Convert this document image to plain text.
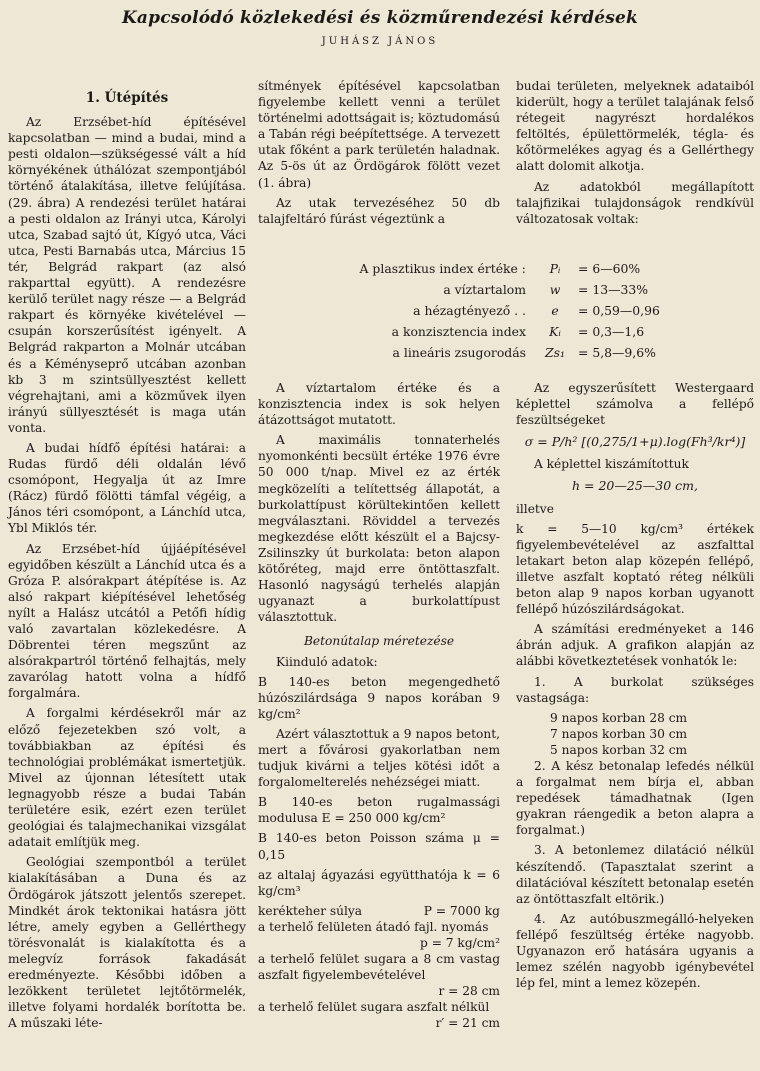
Kapcsolódó közlekedési és közműrendezési kérdések
JUHÁSZ JÁNOS
1. Útépítés

Az Erzsébet-híd építésével kapcsolatban — mind a budai, mind a pesti oldalon—szükségessé vált a híd környékének úthálózat szempontjából történő átalakítása, illetve felújítása. (29. ábra) A rendezési terület határai a pesti oldalon az Irányi utca, Károlyi utca, Szabad sajtó út, Kígyó utca, Váci utca, Pesti Barnabás utca, Március 15 tér, Belgrád rakpart (az alsó rakparttal együtt). A rendezésre kerülő terület nagy része — a Belgrád rakpart és környéke kivételével — csupán korszerűsítést igényelt. A Belgrád rakparton a Molnár utcában és a Kéményseprő utcában azonban kb 3 m szintsüllyesztést kellett végrehajtani, ami a közművek ilyen irányú süllyesztését is maga után vonta.

A budai hídfő építési határai: a Rudas fürdő déli oldalán lévő csomópont, Hegyalja út az Imre (Rácz) fürdő fölötti támfal végéig, a János téri csomópont, a Lánchíd utca, Ybl Miklós tér.

Az Erzsébet-híd újjáépítésével egyidőben készült a Lánchíd utca és a Gróza P. alsórakpart átépítése is. Az alsó rakpart kiépítésével lehetőség nyílt a Halász utcától a Petőfi hídig való zavartalan közlekedésre. A Döbrentei téren megszűnt az alsórakpartról történő felhajtás, mely zavarólag hatott volna a hídfő forgalmára.

A forgalmi kérdésekről már az előző fejezetekben szó volt, a továbbiakban az építési és technológiai problémákat ismertetjük. Mivel az újonnan létesített utak legnagyobb része a budai Tabán területére esik, ezért ezen terület geológiai és talajmechanikai vizsgálat adatait említjük meg.

Geológiai szempontból a terület kialakításában a Duna és az Ördögárok játszott jelentős szerepet. Mindkét árok tektonikai hatásra jött létre, amely egyben a Gellérthegy törésvonalát is kialakította és a melegvíz források fakadását eredményezte. Későbbi időben a lezökkent területet lejtőtörmelék, illetve folyami hordalék borította be. A műszaki léte-

sítmények építésével kapcsolatban figyelembe kellett venni a terület történelmi adottságait is; köztudomású a Tabán régi beépítettsége. A tervezett utak főként a park területén haladnak. Az 5-ös út az Ördögárok fölött vezet (1. ábra)

Az utak tervezéséhez 50 db talajfeltáró fúrást végeztünk a

budai területen, melyeknek adataiból kiderült, hogy a terület talajának felső rétegeit nagyrészt hordalékos feltöltés, épülettörmelék, tégla- és kőtörmelékes agyag és a Gellérthegy alatt dolomit alkotja.

Az adatokból megállapított talajfizikai tulajdonságok rendkívül változatosak voltak:

A plasztikus index értéke :	Pᵢ	= 6—60%
a víztartalom	w	= 13—33%
a hézagtényező . .	e	= 0,59—0,96
a konzisztencia index	Kᵢ	= 0,3—1,6
a lineáris zsugorodás	Zs₁	= 5,8—9,6%

A víztartalom értéke és a konzisztencia index is sok helyen átázottságot mutatott.

A maximális tonnaterhelés nyomonkénti becsült értéke 1976 évre 50 000 t/nap. Mivel ez az érték megközelíti a telítettség állapotát, a burkolattípust körültekintően kellett megválasztani. Röviddel a tervezés megkezdése előtt készült el a Bajcsy-Zsilinszky út burkolata: beton alapon kötőréteg, majd erre öntöttaszfalt. Hasonló nagyságú terhelés alapján ugyanazt a burkolattípust választottuk.

Betonútalap méretezése

Kiinduló adatok:

B 140-es beton megengedhető húzószilárdsága 9 napos korában 9 kg/cm²

Azért választottuk a 9 napos betont, mert a fővárosi gyakorlatban nem tudjuk kivárni a teljes kötési időt a forgalomelterelés nehézségei miatt.

B 140-es beton rugalmassági modulusa E = 250 000 kg/cm²

B 140-es beton Poisson száma μ = 0,15

az altalaj ágyazási együtthatója k = 6 kg/cm³

kerékteher súlya	P = 7000 kg
a terhelő felületen átadó fajl. nyomás
p = 7 kg/cm²
a terhelő felület sugara a 8 cm vastag aszfalt figyelembevételével
r = 28 cm
a terhelő felület sugara aszfalt nélkül
r′ = 21 cm

Az egyszerűsített Westergaard képlettel számolva a fellépő feszültségeket

σ = P/h² [(0,275/1+μ).log(Fh³/kr⁴)]

A képlettel kiszámítottuk

h = 20—25—30 cm,

illetve

k = 5—10 kg/cm³ értékek figyelembevételével az aszfalttal letakart beton alap közepén fellépő, illetve aszfalt koptató réteg nélküli beton alap 9 napos korban ugyanott fellépő húzószilárdságokat.

A számítási eredményeket a 146 ábrán adjuk. A grafikon alapján az alábbi következtetések vonhatók le:

1. A burkolat szükséges vastagsága:

9 napos korban 28 cm
7 napos korban 30 cm
5 napos korban 32 cm

2. A kész betonalap lefedés nélkül a forgalmat nem bírja el, abban repedések támadhatnak (Igen gyakran ráengedik a beton alapra a forgalmat.)

3. A betonlemez dilatáció nélkül készítendő. (Tapasztalat szerint a dilatációval készített betonalap esetén az öntöttaszfalt eltörik.)

4. Az autóbuszmegálló-helyeken fellépő feszültség értéke nagyobb. Ugyanazon erő hatására ugyanis a lemez szélén nagyobb igénybevétel lép fel, mint a lemez közepén.
